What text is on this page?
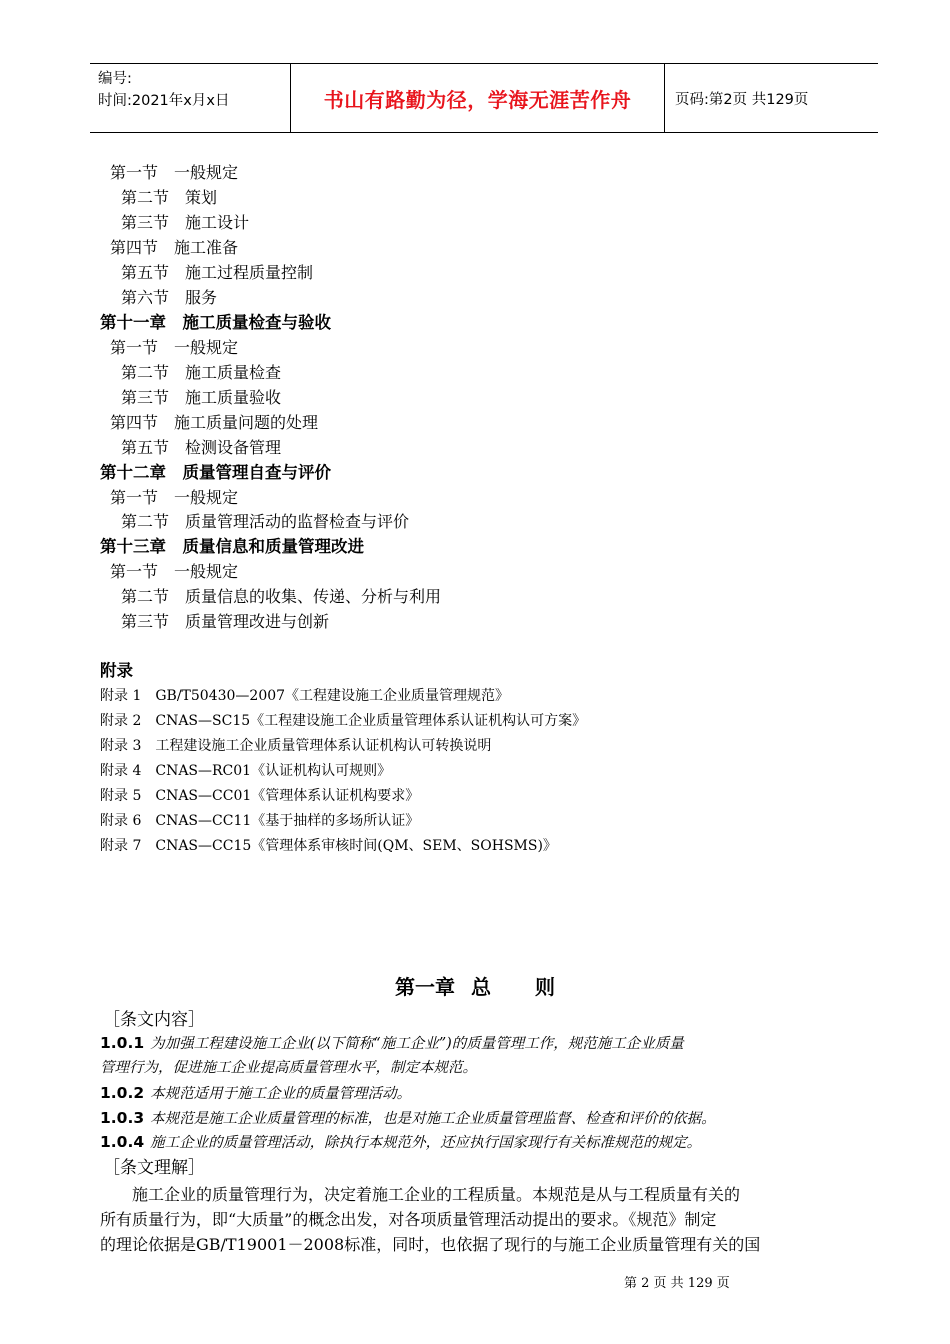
编号:
时间:2021年x月x日	书山有路勤为径，学海无涯苦作舟	页码:第2页 共129页
第一节　一般规定
第二节　策划
第三节　施工设计
第四节　施工准备
第五节　施工过程质量控制
第六节　服务
第十一章　施工质量检查与验收
第一节　一般规定
第二节　施工质量检查
第三节　施工质量验收
第四节　施工质量问题的处理
第五节　检测设备管理
第十二章　质量管理自查与评价
第一节　一般规定
第二节　质量管理活动的监督检查与评价
第十三章　质量信息和质量管理改进
第一节　一般规定
第二节　质量信息的收集、传递、分析与利用
第三节　质量管理改进与创新
附录
附录 1　GB/T50430—2007《工程建设施工企业质量管理规范》
附录 2　CNAS—SC15《工程建设施工企业质量管理体系认证机构认可方案》
附录 3　工程建设施工企业质量管理体系认证机构认可转换说明
附录 4　CNAS—RC01《认证机构认可规则》
附录 5　CNAS—CC01《管理体系认证机构要求》
附录 6　CNAS—CC11《基于抽样的多场所认证》
附录 7　CNAS—CC15《管理体系审核时间(QM、SEM、SOHSMS)》
第一章 总 则
［条文内容］
1.0.1 为加强工程建设施工企业(以下简称“施工企业”)的质量管理工作，规范施工企业质量
管理行为，促进施工企业提高质量管理水平，制定本规范。
1.0.2 本规范适用于施工企业的质量管理活动。
1.0.3 本规范是施工企业质量管理的标准，也是对施工企业质量管理监督、检查和评价的依据。
1.0.4 施工企业的质量管理活动，除执行本规范外，还应执行国家现行有关标准规范的规定。
［条文理解］
　　施工企业的质量管理行为，决定着施工企业的工程质量。本规范是从与工程质量有关的
所有质量行为，即“大质量”的概念出发，对各项质量管理活动提出的要求。《规范》制定
的理论依据是GB/T19001－2008标准，同时，也依据了现行的与施工企业质量管理有关的国
第 2 页 共 129 页
